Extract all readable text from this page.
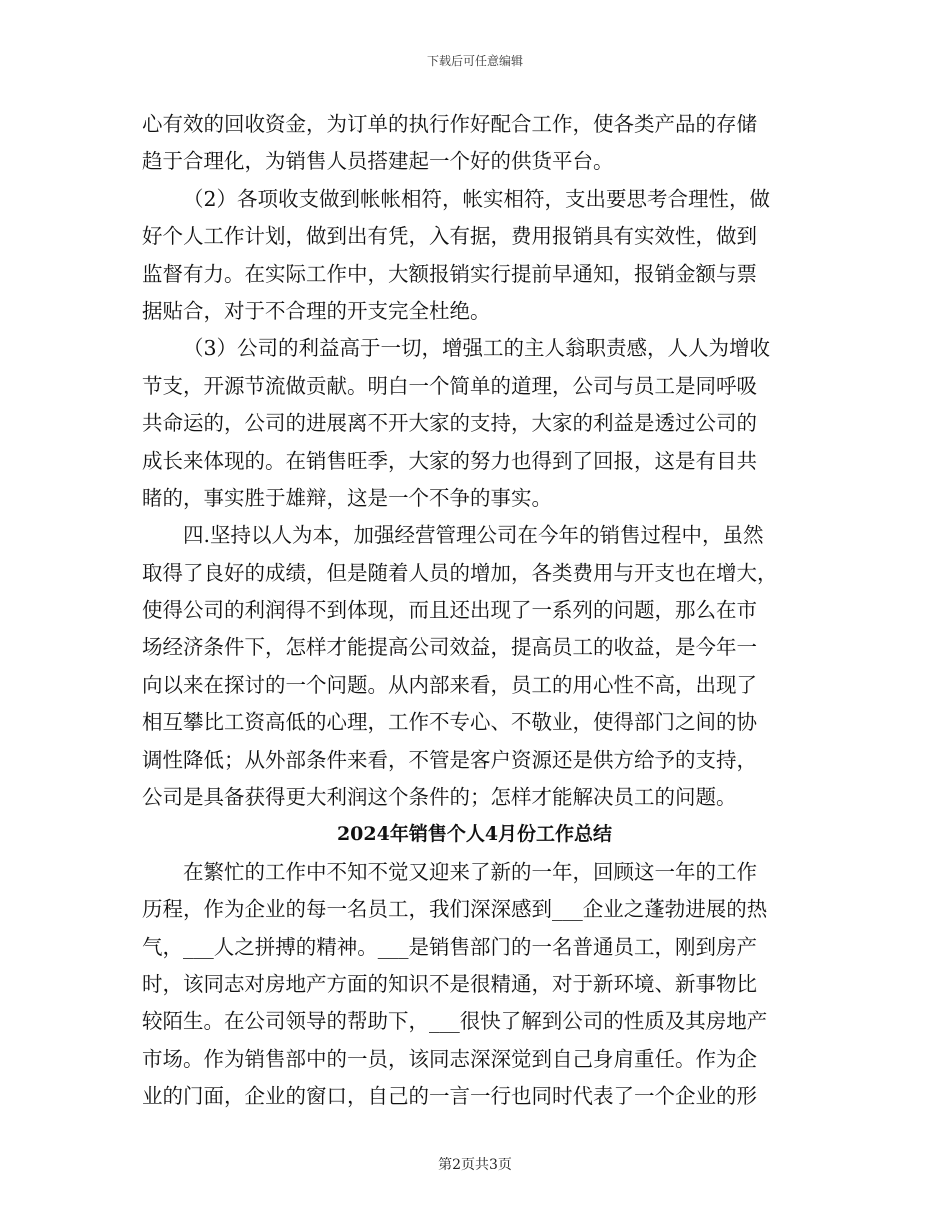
下载后可任意编辑
心有效的回收资金，为订单的执行作好配合工作，使各类产品的存储
趋于合理化，为销售人员搭建起一个好的供货平台。
（2）各项收支做到帐帐相符，帐实相符，支出要思考合理性，做
好个人工作计划，做到出有凭，入有据，费用报销具有实效性，做到
监督有力。在实际工作中，大额报销实行提前早通知，报销金额与票
据贴合，对于不合理的开支完全杜绝。
（3）公司的利益高于一切，增强工的主人翁职责感，人人为增收
节支，开源节流做贡献。明白一个简单的道理，公司与员工是同呼吸
共命运的，公司的进展离不开大家的支持，大家的利益是透过公司的
成长来体现的。在销售旺季，大家的努力也得到了回报，这是有目共
睹的，事实胜于雄辩，这是一个不争的事实。
四.坚持以人为本，加强经营管理公司在今年的销售过程中，虽然
取得了良好的成绩，但是随着人员的增加，各类费用与开支也在增大，
使得公司的利润得不到体现，而且还出现了一系列的问题，那么在市
场经济条件下，怎样才能提高公司效益，提高员工的收益，是今年一
向以来在探讨的一个问题。从内部来看，员工的用心性不高，出现了
相互攀比工资高低的心理，工作不专心、不敬业，使得部门之间的协
调性降低；从外部条件来看，不管是客户资源还是供方给予的支持，
公司是具备获得更大利润这个条件的；怎样才能解决员工的问题。
2024年销售个人4月份工作总结
在繁忙的工作中不知不觉又迎来了新的一年，回顾这一年的工作
历程，作为企业的每一名员工，我们深深感到___企业之蓬勃进展的热
气，___人之拼搏的精神。___是销售部门的一名普通员工，刚到房产
时，该同志对房地产方面的知识不是很精通，对于新环境、新事物比
较陌生。在公司领导的帮助下，___很快了解到公司的性质及其房地产
市场。作为销售部中的一员，该同志深深觉到自己身肩重任。作为企
业的门面，企业的窗口，自己的一言一行也同时代表了一个企业的形
第2页共3页
